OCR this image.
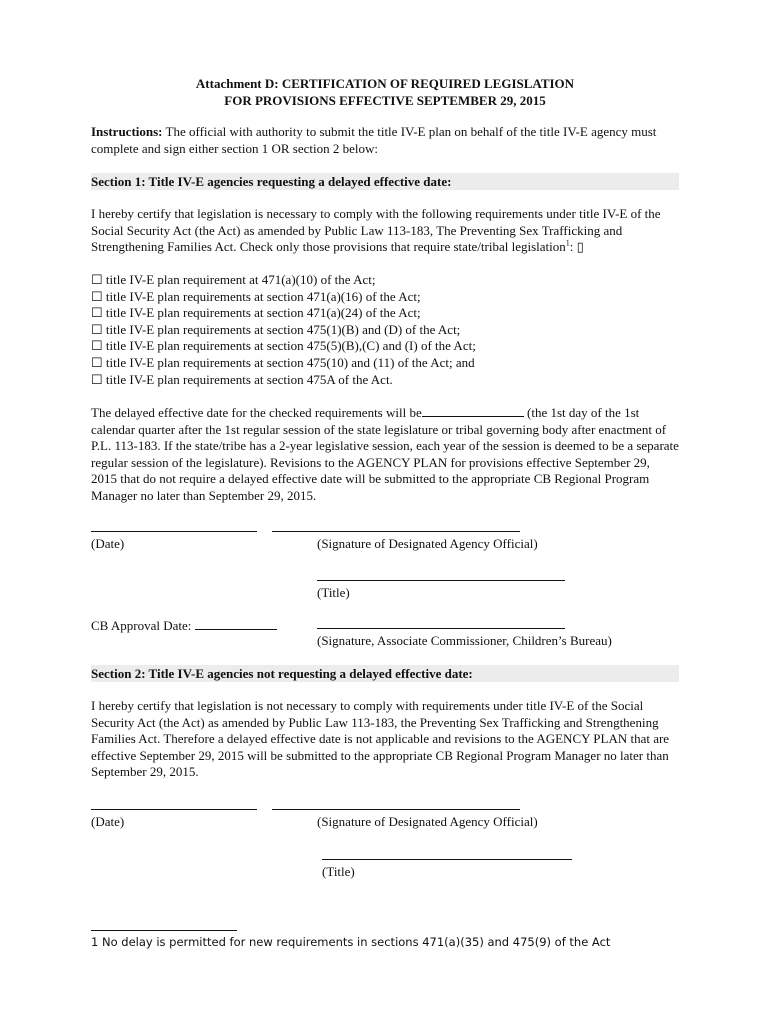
Attachment D: CERTIFICATION OF REQUIRED LEGISLATION
FOR PROVISIONS EFFECTIVE SEPTEMBER 29, 2015
Instructions: The official with authority to submit the title IV-E plan on behalf of the title IV-E agency must complete and sign either section 1 OR section 2 below:
Section 1: Title IV-E agencies requesting a delayed effective date:
I hereby certify that legislation is necessary to comply with the following requirements under title IV-E of the Social Security Act (the Act) as amended by Public Law 113-183, The Preventing Sex Trafficking and Strengthening Families Act. Check only those provisions that require state/tribal legislation$^1$: ▯
☐ title IV-E plan requirement at 471(a)(10) of the Act;
☐ title IV-E plan requirements at section 471(a)(16) of the Act;
☐ title IV-E plan requirements at section 471(a)(24) of the Act;
☐ title IV-E plan requirements at section 475(1)(B) and (D) of the Act;
☐ title IV-E plan requirements at section 475(5)(B),(C) and (I) of the Act;
☐ title IV-E plan requirements at section 475(10) and (11) of the Act; and
☐ title IV-E plan requirements at section 475A of the Act.
The delayed effective date for the checked requirements will be	(the 1st day of the 1st calendar quarter after the 1st regular session of the state legislature or tribal governing body after enactment of P.L. 113-183. If the state/tribe has a 2-year legislative session, each year of the session is deemed to be a separate regular session of the legislature). Revisions to the AGENCY PLAN for provisions effective September 29, 2015 that do not require a delayed effective date will be submitted to the appropriate CB Regional Program Manager no later than September 29, 2015.
(Date)	(Signature of Designated Agency Official)
(Title)
CB Approval Date:
(Signature, Associate Commissioner, Children’s Bureau)
Section 2: Title IV-E agencies not requesting a delayed effective date:
I hereby certify that legislation is not necessary to comply with requirements under title IV-E of the Social Security Act (the Act) as amended by Public Law 113-183, the Preventing Sex Trafficking and Strengthening Families Act. Therefore a delayed effective date is not applicable and revisions to the AGENCY PLAN that are effective September 29, 2015 will be submitted to the appropriate CB Regional Program Manager no later than September 29, 2015.
(Date)	(Signature of Designated Agency Official)
(Title)
1 No delay is permitted for new requirements in sections 471(a)(35) and 475(9) of the Act
